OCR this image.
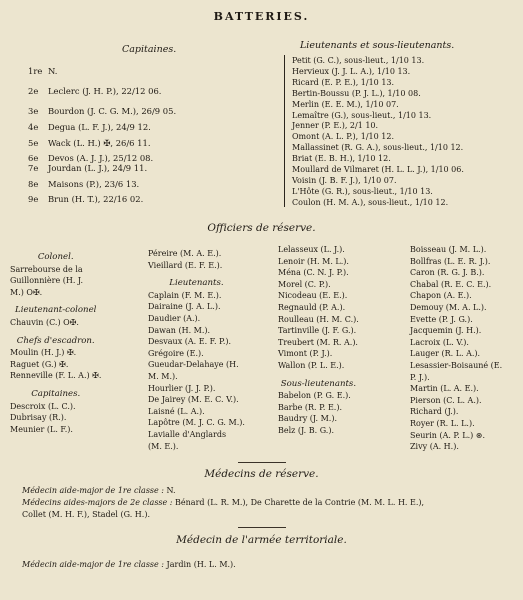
BATTERIES.
Capitaines.	Lieutenants et sous-lieutenants.
1re N.
2e Leclerc (J. H. P.), 22/12 06.
3e Bourdon (J. C. G. M.), 26/9 05.
4e Degua (L. F. J.), 24/9 12.
5e Wack (L. H.) ✠, 26/6 11.
6e Devos (A. J. J.), 25/12 08.
7e Jourdan (L. J.), 24/9 11.
8e Maisons (P.), 23/6 13.
9e Brun (H. T.), 22/16 02.
Petit (G. C.), sous-lieut., 1/10 13.
Hervieux (J. J. L. A.), 1/10 13.
Ricard (E. P. E.), 1/10 13.
Bertin-Boussu (P. J. L.), 1/10 08.
Merlin (E. E. M.), 1/10 07.
Lemaître (G.), sous-lieut., 1/10 13.
Jenner (P. E.), 2/1 10.
Omont (A. L. P.), 1/10 12.
Mallassinet (R. G. A.), sous-lieut., 1/10 12.
Briat (E. B. H.), 1/10 12.
Moullard de Vilmaret (H. L. L. J.), 1/10 06.
Voisin (J. B. F. J.), 1/10 07.
L'Hôte (G. R.), sous-lieut., 1/10 13.
Coulon (H. M. A.), sous-lieut., 1/10 12.
Officiers de réserve.
Colonel.
Sarrebourse de la
Guillonnière (H. J.
M.) O✠.
Lieutenant-colonel
Chauvin (C.) O✠.
Chefs d'escadron.
Moulin (H. J.) ✠.
Raguet (G.) ✠.
Renneville (F. L. A.) ✠.
Capitaines.
Descroix (L. C.).
Dubrisay (R.).
Meunier (L. F.).
Péreire (M. A. E.).
Vieillard (E. F. E.).
Lieutenants.
Caplain (F. M. E.).
Dairaine (J. A. L.).
Daudier (A.).
Dawan (H. M.).
Desvaux (A. E. F. P.).
Grégoire (E.).
Gueudar-Delahaye (H.
M. M.).
Hourlier (J. J. P.).
De Jairey (M. E. C. V.).
Laisné (L. A.).
Lapôtre (M. J. C. G. M.).
Lavialle d'Anglards
(M. E.).
Lelasseux (L. J.).
Lenoir (H. M. L.).
Ména (C. N. J. P.).
Morel (C. P.).
Nicodeau (E. E.).
Regnauld (P. A.).
Roulleau (H. M. C.).
Tartinville (J. F. G.).
Treubert (M. R. A.).
Vimont (P. J.).
Wallon (P. L. E.).
Sous-lieutenants.
Babelon (P. G. E.).
Barbe (R. P. E.).
Baudry (J. M.).
Belz (J. B. G.).
Boisseau (J. M. L.).
Bollfras (L. E. R. J.).
Caron (R. G. J. B.).
Chabal (R. E. C. E.).
Chapon (A. E.).
Demouy (M. A. L.).
Evette (P. J. G.).
Jacquemin (J. H.).
Lacroix (L. V.).
Lauger (R. L. A.).
Lesassier-Boisauné (E.
P. J.).
Martin (L. A. E.).
Pierson (C. L. A.).
Richard (J.).
Royer (R. L. L.).
Seurin (A. P. L.) ⊛.
Zivy (A. H.).
Médecins de réserve.
Médecin aide-major de 1re classe : N.
Médecins aides-majors de 2e classe : Bénard (L. R. M.), De Charette de la Contrie (M. M. L. H. E.),
Collet (M. H. F.), Stadel (G. H.).
Médecin de l'armée territoriale.
Médecin aide-major de 1re classe : Jardin (H. L. M.).
